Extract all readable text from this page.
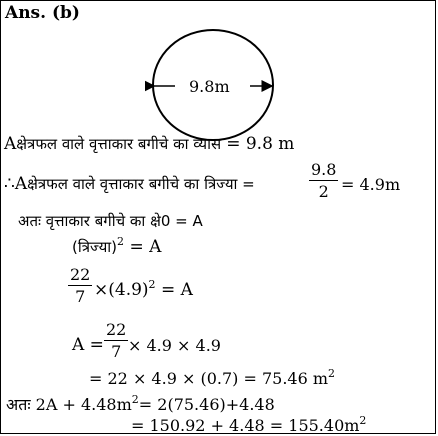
Ans. (b)
9.8m
Aक्षेत्रफल वाले वृत्ताकार बगीचे का व्यास = 9.8 m
∴Aक्षेत्रफल वाले वृत्ताकार बगीचे का त्रिज्या =	$\frac{9.8}{2} = 4.9m$
अतः वृत्ताकार बगीचे का क्षे0 = A
(त्रिज्या)$^2$ = A
$\frac{22}{7} \times(4.9)^2 = A$
$A = \frac{22}{7} \times 4.9 \times 4.9$
= 22 × 4.9 × (0.7) = 75.46 $m^2$
अतः $2A + 4.48m^2= 2(75.46)+4.48$
= $150.92 + 4.48 = 155.40m^2$
